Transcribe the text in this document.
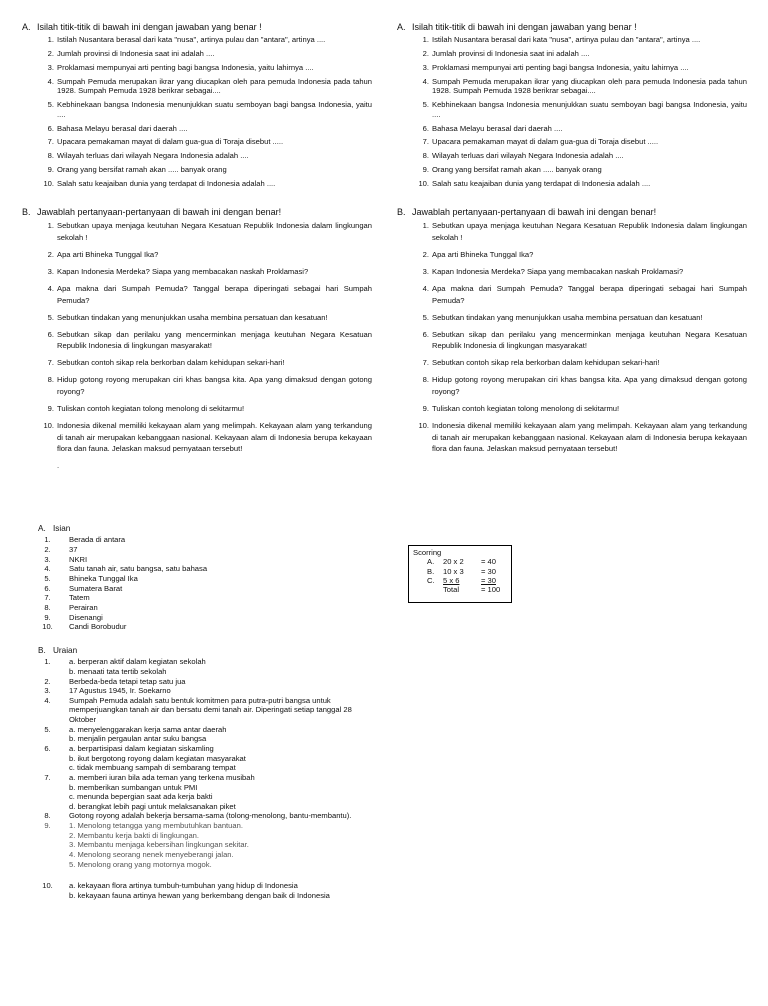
A. Isilah titik-titik di bawah ini dengan jawaban yang benar !
1. Istilah Nusantara berasal dari kata "nusa", artinya pulau dan "antara", artinya ....
2. Jumlah provinsi di Indonesia saat ini adalah ....
3. Proklamasi mempunyai arti penting bagi bangsa Indonesia, yaitu lahirnya ....
4. Sumpah Pemuda merupakan ikrar yang diucapkan oleh para pemuda Indonesia pada tahun 1928. Sumpah Pemuda 1928 berikrar sebagai....
5. Kebhinekaan bangsa Indonesia menunjukkan suatu semboyan bagi bangsa Indonesia, yaitu ....
6. Bahasa Melayu berasal dari daerah ....
7. Upacara pemakaman mayat di dalam gua-gua di Toraja disebut .....
8. Wilayah terluas dari wilayah Negara Indonesia adalah ....
9. Orang yang bersifat ramah akan ..... banyak orang
10. Salah satu keajaiban dunia yang terdapat di Indonesia adalah ....
B. Jawablah pertanyaan-pertanyaan di bawah ini dengan benar!
1. Sebutkan upaya menjaga keutuhan Negara Kesatuan Republik Indonesia dalam lingkungan sekolah !
2. Apa arti Bhineka Tunggal Ika?
3. Kapan Indonesia Merdeka? Siapa yang membacakan naskah Proklamasi?
4. Apa makna dari Sumpah Pemuda? Tanggal berapa diperingati sebagai hari Sumpah Pemuda?
5. Sebutkan tindakan yang menunjukkan usaha membina persatuan dan kesatuan!
6. Sebutkan sikap dan perilaku yang mencerminkan menjaga keutuhan Negara Kesatuan Republik Indonesia di lingkungan masyarakat!
7. Sebutkan contoh sikap rela berkorban dalam kehidupan sekari-hari!
8. Hidup gotong royong merupakan ciri khas bangsa kita. Apa yang dimaksud dengan gotong royong?
9. Tuliskan contoh kegiatan tolong menolong di sekitarmu!
10. Indonesia dikenal memiliki kekayaan alam yang melimpah. Kekayaan alam yang terkandung di tanah air merupakan kebanggaan nasional. Kekayaan alam di Indonesia berupa kekayaan flora dan fauna. Jelaskan maksud pernyataan tersebut!
.
A. Isilah titik-titik di bawah ini dengan jawaban yang benar !
1. Istilah Nusantara berasal dari kata "nusa", artinya pulau dan "antara", artinya ....
2. Jumlah provinsi di Indonesia saat ini adalah ....
3. Proklamasi mempunyai arti penting bagi bangsa Indonesia, yaitu lahirnya ....
4. Sumpah Pemuda merupakan ikrar yang diucapkan oleh para pemuda Indonesia pada tahun 1928. Sumpah Pemuda 1928 berikrar sebagai....
5. Kebhinekaan bangsa Indonesia menunjukkan suatu semboyan bagi bangsa Indonesia, yaitu ....
6. Bahasa Melayu berasal dari daerah ....
7. Upacara pemakaman mayat di dalam gua-gua di Toraja disebut .....
8. Wilayah terluas dari wilayah Negara Indonesia adalah ....
9. Orang yang bersifat ramah akan ..... banyak orang
10. Salah satu keajaiban dunia yang terdapat di Indonesia adalah ....
B. Jawablah pertanyaan-pertanyaan di bawah ini dengan benar!
1. Sebutkan upaya menjaga keutuhan Negara Kesatuan Republik Indonesia dalam lingkungan sekolah !
2. Apa arti Bhineka Tunggal Ika?
3. Kapan Indonesia Merdeka? Siapa yang membacakan naskah Proklamasi?
4. Apa makna dari Sumpah Pemuda? Tanggal berapa diperingati sebagai hari Sumpah Pemuda?
5. Sebutkan tindakan yang menunjukkan usaha membina persatuan dan kesatuan!
6. Sebutkan sikap dan perilaku yang mencerminkan menjaga keutuhan Negara Kesatuan Republik Indonesia di lingkungan masyarakat!
7. Sebutkan contoh sikap rela berkorban dalam kehidupan sekari-hari!
8. Hidup gotong royong merupakan ciri khas bangsa kita. Apa yang dimaksud dengan gotong royong?
9. Tuliskan contoh kegiatan tolong menolong di sekitarmu!
10. Indonesia dikenal memiliki kekayaan alam yang melimpah. Kekayaan alam yang terkandung di tanah air merupakan kebanggaan nasional. Kekayaan alam di Indonesia berupa kekayaan flora dan fauna. Jelaskan maksud pernyataan tersebut!
A. Isian
1.	Berada di antara
2.	37
3.	NKRI
4.	Satu tanah air, satu bangsa, satu bahasa
5.	Bhineka Tunggal Ika
6.	Sumatera Barat
7.	Tatem
8.	Perairan
9.	Disenangi
10.	Candi Borobudur
B. Uraian
1.	a. berperan aktif dalam kegiatan sekolah
b. menaati tata tertib sekolah
2.	Berbeda-beda tetapi tetap satu jua
3.	17 Agustus 1945, Ir. Soekarno
4.	Sumpah Pemuda adalah satu bentuk komitmen para putra-putri bangsa untuk memperjuangkan tanah air dan bersatu demi tanah air. Diperingati setiap tanggal 28 Oktober
5.	a. menyelenggarakan kerja sama antar daerah
b. menjalin pergaulan antar suku bangsa
6.	a. berpartisipasi dalam kegiatan siskamling
b. ikut bergotong royong dalam kegiatan masyarakat
c. tidak membuang sampah di sembarang tempat
7.	a. memberi iuran bila ada teman yang terkena musibah
b. memberikan sumbangan untuk PMI
c. menunda bepergian saat ada kerja bakti
d. berangkat lebih pagi untuk melaksanakan piket
8.	Gotong royong adalah bekerja bersama-sama (tolong-menolong, bantu-membantu).
9.	1. Menolong tetangga yang membutuhkan bantuan.
2. Membantu kerja bakti di lingkungan.
3. Membantu menjaga kebersihan lingkungan sekitar.
4. Menolong seorang nenek menyeberangi jalan.
5. Menolong orang yang motornya mogok.
10.	a. kekayaan flora artinya tumbuh-tumbuhan yang hidup di Indonesia
b. kekayaan fauna artinya hewan yang berkembang dengan baik di Indonesia
Scorring
A.	20 x 2	= 40
B.	10 x 3	= 30
C.	5 x 6	= 30
Total	= 100
